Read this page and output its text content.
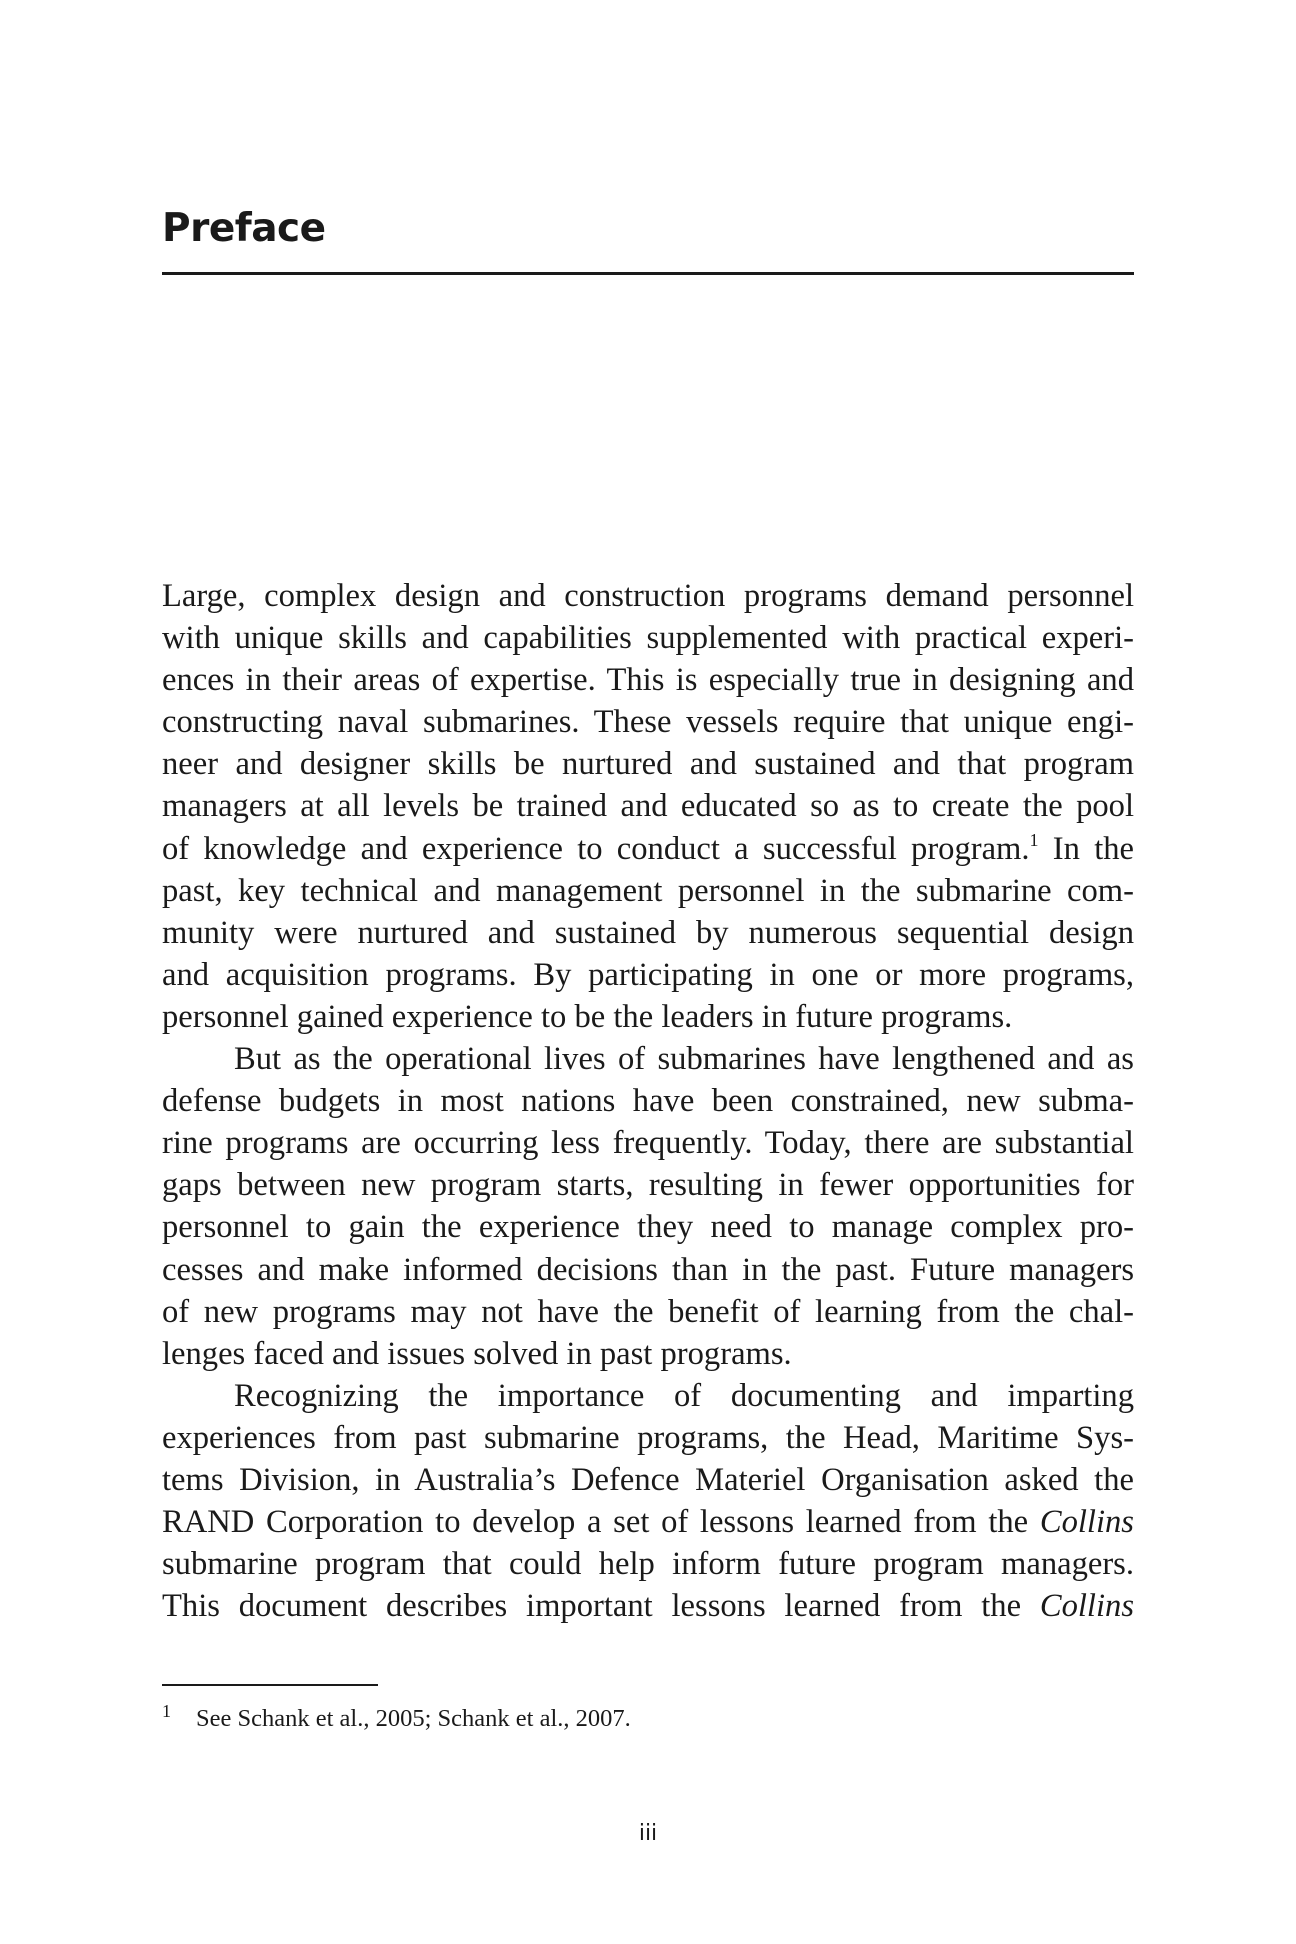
Preface
Large, complex design and construction programs demand personnel
with unique skills and capabilities supplemented with practical experi-
ences in their areas of expertise. This is especially true in designing and
constructing naval submarines. These vessels require that unique engi-
neer and designer skills be nurtured and sustained and that program
managers at all levels be trained and educated so as to create the pool
of knowledge and experience to conduct a successful program.$^1$ In the
past, key technical and management personnel in the submarine com-
munity were nurtured and sustained by numerous sequential design
and acquisition programs. By participating in one or more programs,
personnel gained experience to be the leaders in future programs.
But as the operational lives of submarines have lengthened and as
defense budgets in most nations have been constrained, new subma-
rine programs are occurring less frequently. Today, there are substantial
gaps between new program starts, resulting in fewer opportunities for
personnel to gain the experience they need to manage complex pro-
cesses and make informed decisions than in the past. Future managers
of new programs may not have the benefit of learning from the chal-
lenges faced and issues solved in past programs.
Recognizing the importance of documenting and imparting
experiences from past submarine programs, the Head, Maritime Sys-
tems Division, in Australia’s Defence Materiel Organisation asked the
RAND Corporation to develop a set of lessons learned from the Collins
submarine program that could help inform future program managers.
This document describes important lessons learned from the Collins
1 See Schank et al., 2005; Schank et al., 2007.
iii
